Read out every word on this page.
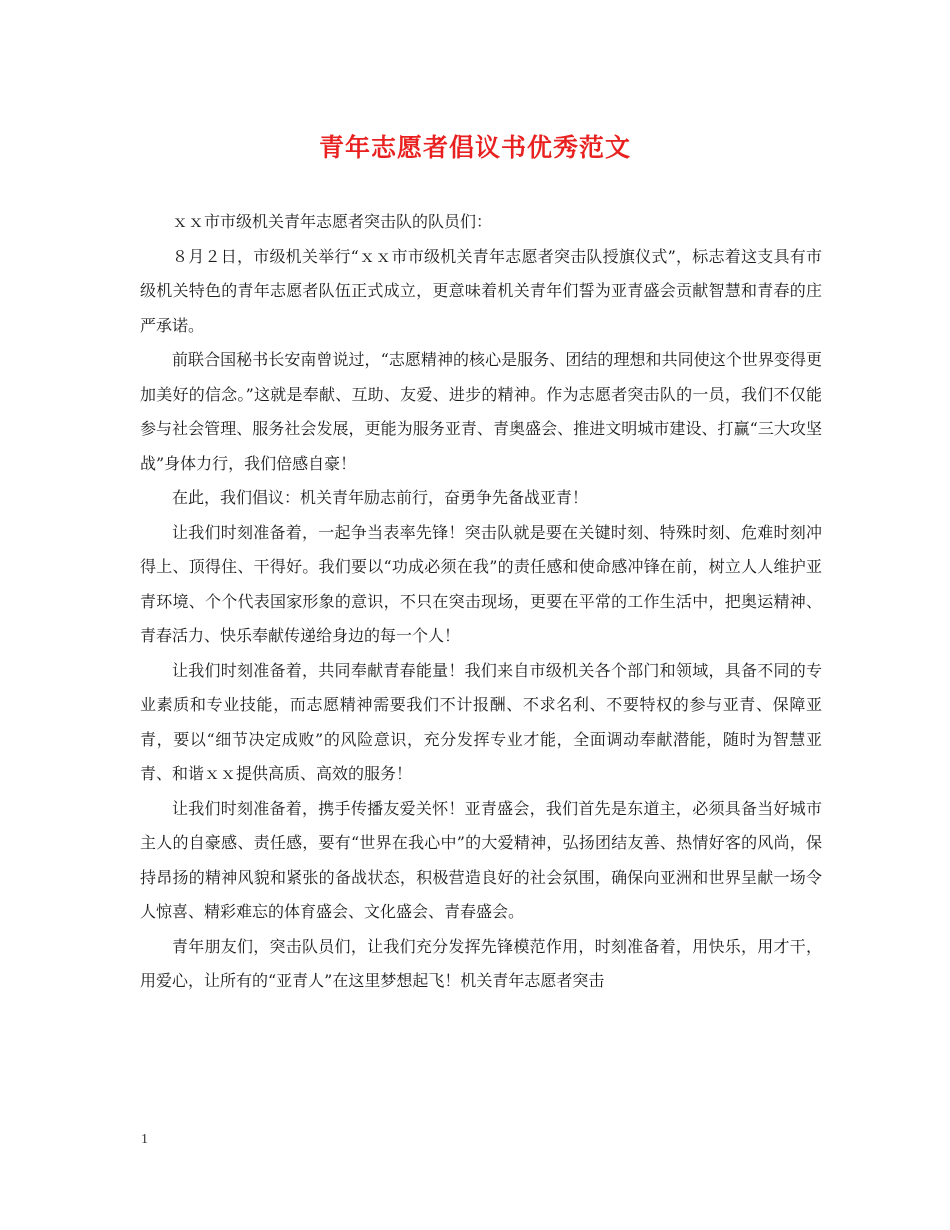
青年志愿者倡议书优秀范文

ｘｘ市市级机关青年志愿者突击队的队员们：

８月２日，市级机关举行“ｘｘ市市级机关青年志愿者突击队授旗仪式”，标志着这支具有市级机关特色的青年志愿者队伍正式成立，更意味着机关青年们誓为亚青盛会贡献智慧和青春的庄严承诺。

前联合国秘书长安南曾说过，“志愿精神的核心是服务、团结的理想和共同使这个世界变得更加美好的信念。”这就是奉献、互助、友爱、进步的精神。作为志愿者突击队的一员，我们不仅能参与社会管理、服务社会发展，更能为服务亚青、青奥盛会、推进文明城市建设、打赢“三大攻坚战”身体力行，我们倍感自豪！

在此，我们倡议：机关青年励志前行，奋勇争先备战亚青！

让我们时刻准备着，一起争当表率先锋！突击队就是要在关键时刻、特殊时刻、危难时刻冲得上、顶得住、干得好。我们要以“功成必须在我”的责任感和使命感冲锋在前，树立人人维护亚青环境、个个代表国家形象的意识，不只在突击现场，更要在平常的工作生活中，把奥运精神、青春活力、快乐奉献传递给身边的每一个人！

让我们时刻准备着，共同奉献青春能量！我们来自市级机关各个部门和领域，具备不同的专业素质和专业技能，而志愿精神需要我们不计报酬、不求名利、不要特权的参与亚青、保障亚青，要以“细节决定成败”的风险意识，充分发挥专业才能，全面调动奉献潜能，随时为智慧亚青、和谐ｘｘ提供高质、高效的服务！

让我们时刻准备着，携手传播友爱关怀！亚青盛会，我们首先是东道主，必须具备当好城市主人的自豪感、责任感，要有“世界在我心中”的大爱精神，弘扬团结友善、热情好客的风尚，保持昂扬的精神风貌和紧张的备战状态，积极营造良好的社会氛围，确保向亚洲和世界呈献一场令人惊喜、精彩难忘的体育盛会、文化盛会、青春盛会。

青年朋友们，突击队员们，让我们充分发挥先锋模范作用，时刻准备着，用快乐，用才干，用爱心，让所有的“亚青人”在这里梦想起飞！机关青年志愿者突击

1
